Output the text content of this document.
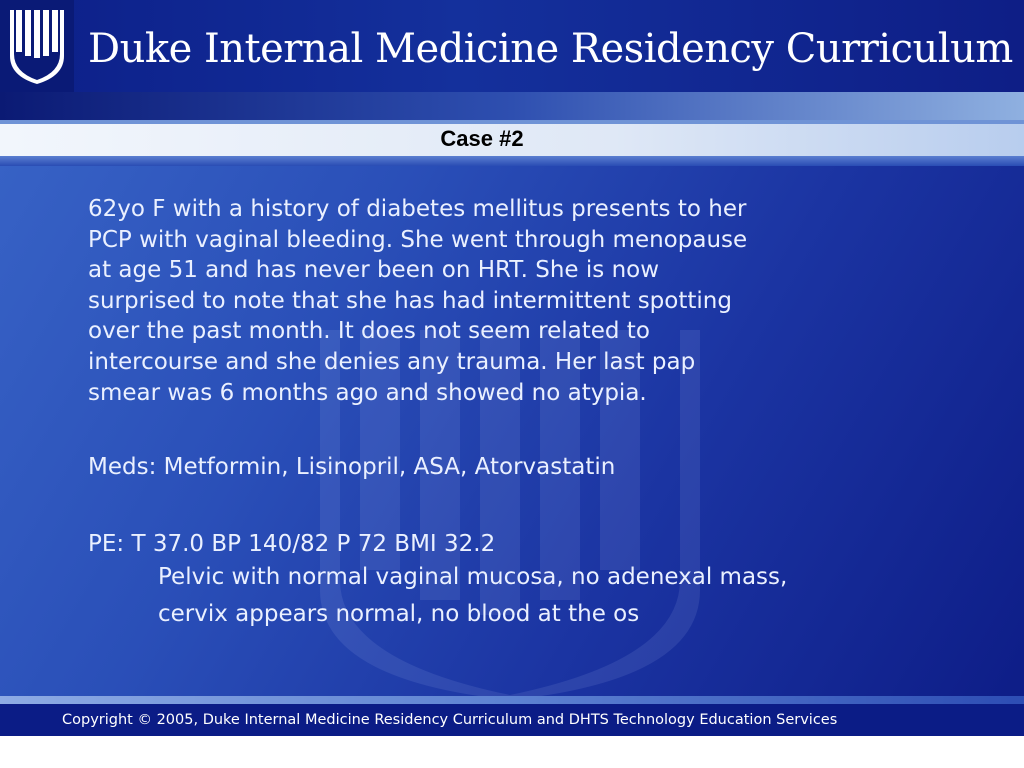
Duke Internal Medicine Residency Curriculum
Case #2

62yo F with a history of diabetes mellitus presents to her
PCP with vaginal bleeding. She went through menopause
at age 51 and has never been on HRT. She is now
surprised to note that she has had intermittent spotting
over the past month. It does not seem related to
intercourse and she denies any trauma. Her last pap
smear was 6 months ago and showed no atypia.

Meds: Metformin, Lisinopril, ASA, Atorvastatin

PE: T 37.0 BP 140/82 P 72 BMI 32.2

Pelvic with normal vaginal mucosa, no adenexal mass,
cervix appears normal, no blood at the os
Copyright © 2005, Duke Internal Medicine Residency Curriculum and DHTS Technology Education Services
